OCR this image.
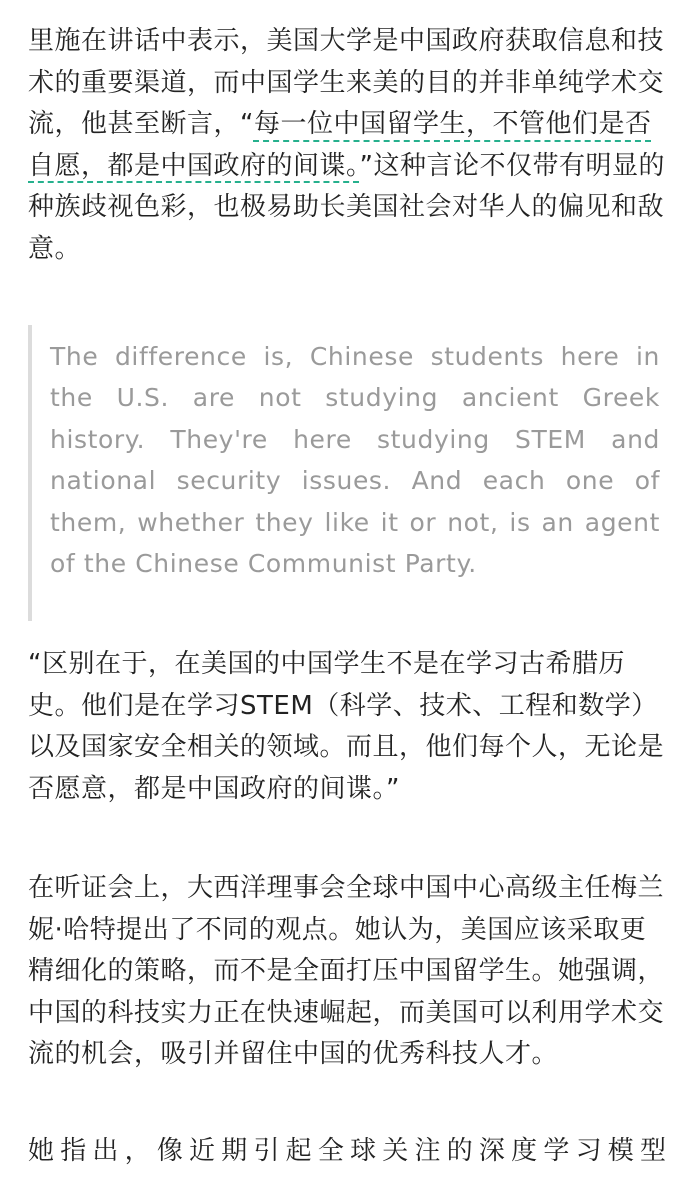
里施在讲话中表示，美国大学是中国政府获取信息和技术的重要渠道，而中国学生来美的目的并非单纯学术交流，他甚至断言，“每一位中国留学生，不管他们是否自愿，都是中国政府的间谍。”这种言论不仅带有明显的种族歧视色彩，也极易助长美国社会对华人的偏见和敌意。

The difference is, Chinese students here in the U.S. are not studying ancient Greek history. They're here studying STEM and national security issues. And each one of them, whether they like it or not, is an agent of the Chinese Communist Party.

“区别在于，在美国的中国学生不是在学习古希腊历史。他们是在学习STEM（科学、技术、工程和数学）以及国家安全相关的领域。而且，他们每个人，无论是否愿意，都是中国政府的间谍。”

在听证会上，大西洋理事会全球中国中心高级主任梅兰妮·哈特提出了不同的观点。她认为，美国应该采取更精细化的策略，而不是全面打压中国留学生。她强调，中国的科技实力正在快速崛起，而美国可以利用学术交流的机会，吸引并留住中国的优秀科技人才。

她指出，像近期引起全球关注的深度学习模型
